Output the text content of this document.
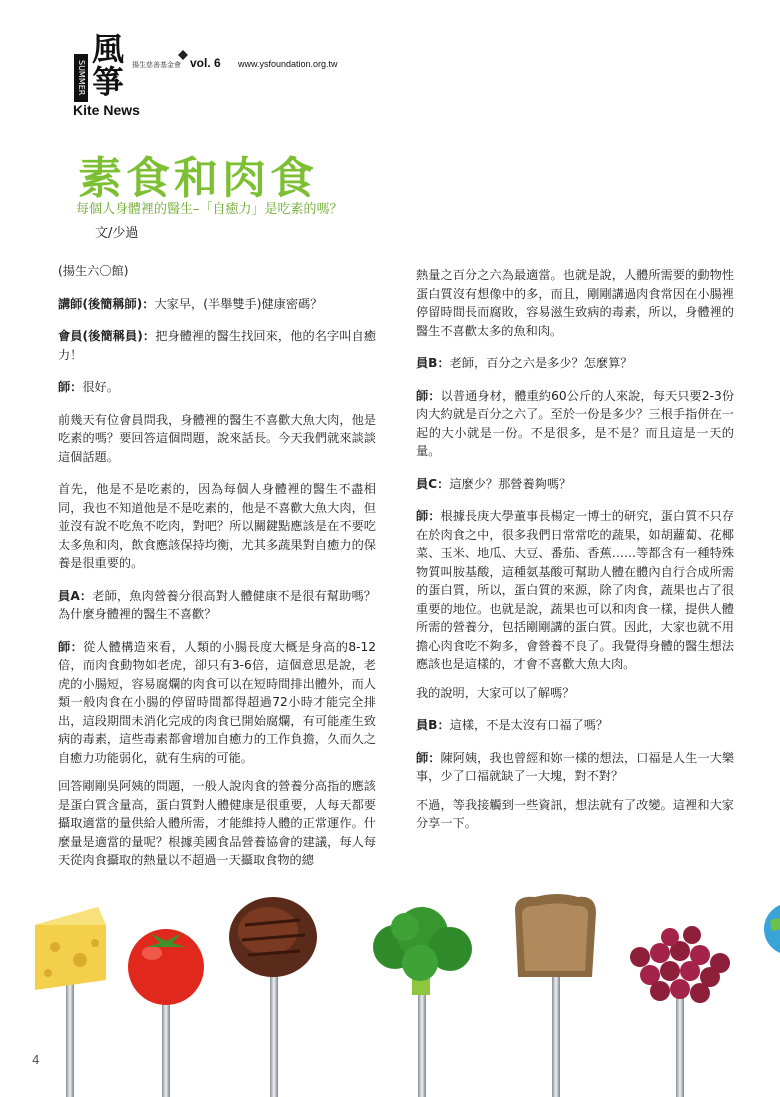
SUMMER
風
箏
Kite News
揚生慈善基金會 vol. 6 www.ysfoundation.org.tw
素食和肉食
每個人身體裡的醫生–「自癒力」是吃素的嗎？
文/少過

(揚生六〇館)

講師(後簡稱師)：大家早，(半舉雙手)健康密碼？

會員(後簡稱員)：把身體裡的醫生找回來，他的名字叫自癒力！

師：很好。

前幾天有位會員問我，身體裡的醫生不喜歡大魚大肉，他是吃素的嗎？要回答這個問題，說來話長。今天我們就來談談這個話題。

首先，他是不是吃素的，因為每個人身體裡的醫生不盡相同，我也不知道他是不是吃素的，他是不喜歡大魚大肉，但並沒有說不吃魚不吃肉，對吧？所以關鍵點應該是在不要吃太多魚和肉，飲食應該保持均衡，尤其多蔬果對自癒力的保養是很重要的。

員A：老師，魚肉營養分很高對人體健康不是很有幫助嗎？為什麼身體裡的醫生不喜歡？

師：從人體構造來看，人類的小腸長度大概是身高的8-12倍，而肉食動物如老虎，卻只有3-6倍，這個意思是說，老虎的小腸短，容易腐爛的肉食可以在短時間排出體外，而人類一般肉食在小腸的停留時間都得超過72小時才能完全排出，這段期間未消化完成的肉食已開始腐爛，有可能產生致病的毒素，這些毒素都會增加自癒力的工作負擔，久而久之自癒力功能弱化，就有生病的可能。

回答剛剛吳阿姨的問題，一般人說肉食的營養分高指的應該是蛋白質含量高，蛋白質對人體健康是很重要，人每天都要攝取適當的量供給人體所需，才能維持人體的正常運作。什麼量是適當的量呢？根據美國食品營養協會的建議，每人每天從肉食攝取的熱量以不超過一天攝取食物的總

熱量之百分之六為最適當。也就是說，人體所需要的動物性蛋白質沒有想像中的多，而且，剛剛講過肉食常因在小腸裡停留時間長而腐敗，容易滋生致病的毒素，所以，身體裡的醫生不喜歡太多的魚和肉。

員B：老師，百分之六是多少？怎麼算？

師：以普通身材，體重約60公斤的人來說，每天只要2-3份肉大約就是百分之六了。至於一份是多少？三根手指併在一起的大小就是一份。不是很多，是不是？而且這是一天的量。

員C：這麼少？那營養夠嗎？

師：根據長庚大學董事長楊定一博士的研究，蛋白質不只存在於肉食之中，很多我們日常常吃的蔬果，如胡蘿蔔、花椰菜、玉米、地瓜、大豆、番茄、香蕉……等都含有一種特殊物質叫胺基酸，這種氨基酸可幫助人體在體內自行合成所需的蛋白質，所以，蛋白質的來源，除了肉食，蔬果也占了很重要的地位。也就是說，蔬果也可以和肉食一樣，提供人體所需的營養分，包括剛剛講的蛋白質。因此，大家也就不用擔心肉食吃不夠多，會營養不良了。我覺得身體的醫生想法應該也是這樣的，才會不喜歡大魚大肉。

我的說明，大家可以了解嗎？

員B：這樣，不是太沒有口福了嗎？

師：陳阿姨，我也曾經和妳一樣的想法，口福是人生一大樂事，少了口福就缺了一大塊，對不對？

不過，等我接觸到一些資訊，想法就有了改變。這裡和大家分享一下。

4
